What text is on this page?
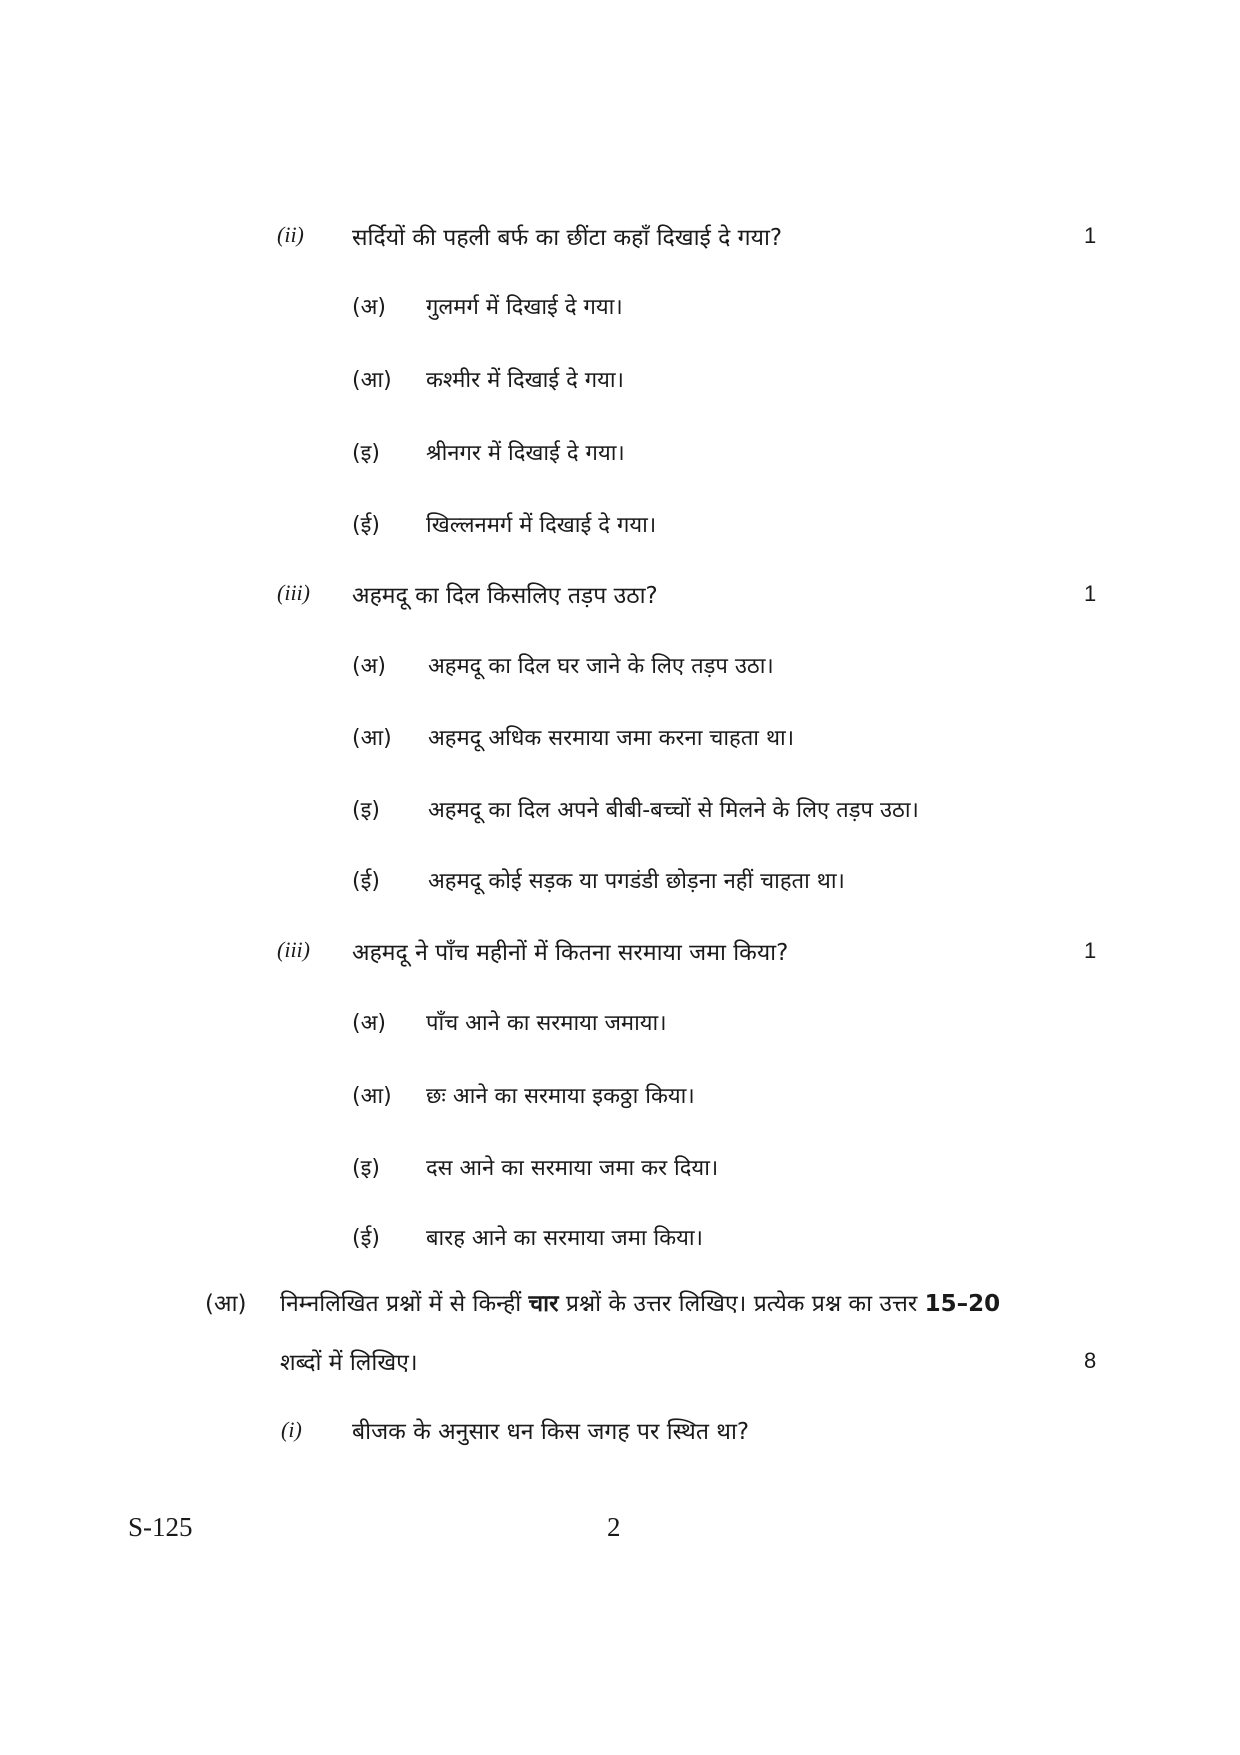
(ii) सर्दियों की पहली बर्फ का छींटा कहाँ दिखाई दे गया?	1
(अ) गुलमर्ग में दिखाई दे गया।
(आ) कश्मीर में दिखाई दे गया।
(इ) श्रीनगर में दिखाई दे गया।
(ई) खिल्लनमर्ग में दिखाई दे गया।
(iii) अहमदू का दिल किसलिए तड़प उठा?	1
(अ) अहमदू का दिल घर जाने के लिए तड़प उठा।
(आ) अहमदू अधिक सरमाया जमा करना चाहता था।
(इ) अहमदू का दिल अपने बीबी-बच्चों से मिलने के लिए तड़प उठा।
(ई) अहमदू कोई सड़क या पगडंडी छोड़ना नहीं चाहता था।
(iii) अहमदू ने पाँच महीनों में कितना सरमाया जमा किया?	1
(अ) पाँच आने का सरमाया जमाया।
(आ) छः आने का सरमाया इकठ्ठा किया।
(इ) दस आने का सरमाया जमा कर दिया।
(ई) बारह आने का सरमाया जमा किया।
(आ) निम्नलिखित प्रश्नों में से किन्हीं चार प्रश्नों के उत्तर लिखिए। प्रत्येक प्रश्न का उत्तर 15–20
शब्दों में लिखिए।	8
(i) बीजक के अनुसार धन किस जगह पर स्थित था?
S-125	2
